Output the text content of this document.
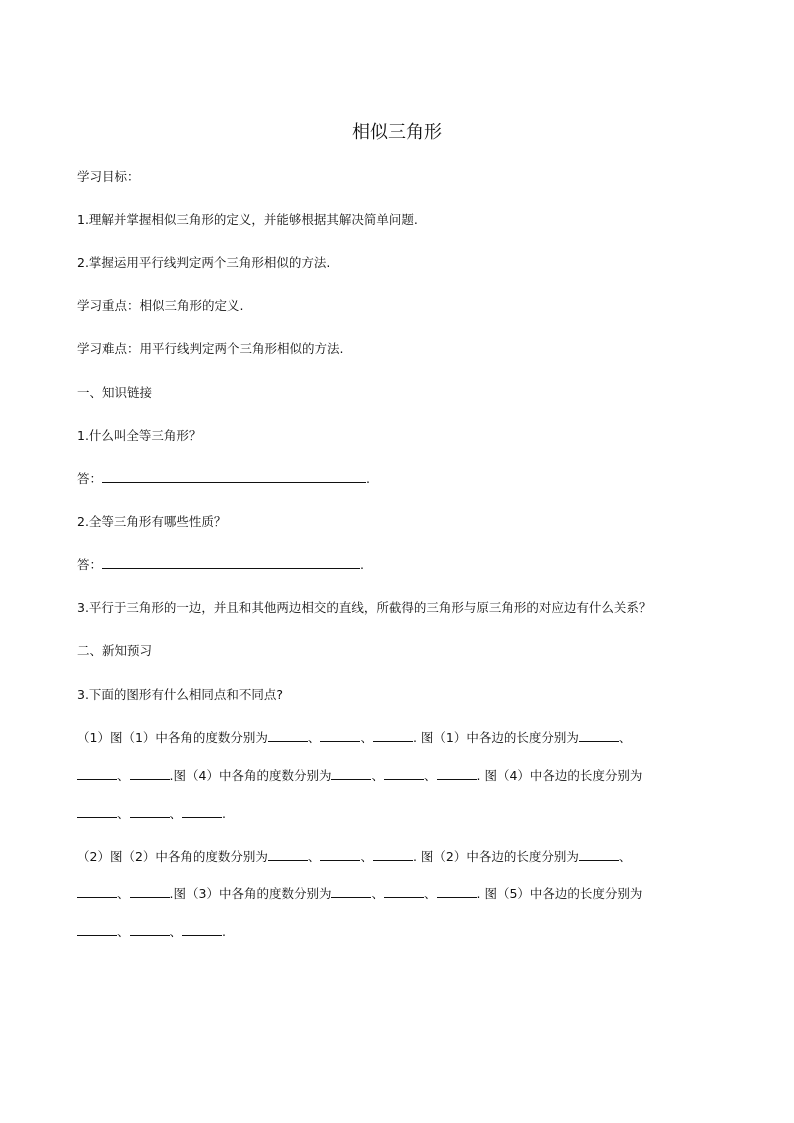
相似三角形

学习目标：

1.理解并掌握相似三角形的定义，并能够根据其解决简单问题.

2.掌握运用平行线判定两个三角形相似的方法.

学习重点：相似三角形的定义.

学习难点：用平行线判定两个三角形相似的方法.

一、知识链接

1.什么叫全等三角形？

答：	.

2.全等三角形有哪些性质？

答：	.

3.平行于三角形的一边，并且和其他两边相交的直线，所截得的三角形与原三角形的对应边有什么关系？

二、新知预习

3.下面的图形有什么相同点和不同点?

（1）图（1）中各角的度数分别为	、	、	. 图（1）中各边的长度分别为	、

、	.图（4）中各角的度数分别为	、	、	. 图（4）中各边的长度分别为

、	、	.

（2）图（2）中各角的度数分别为	、	、	. 图（2）中各边的长度分别为	、

、	.图（3）中各角的度数分别为	、	、	. 图（5）中各边的长度分别为

、	、	.
